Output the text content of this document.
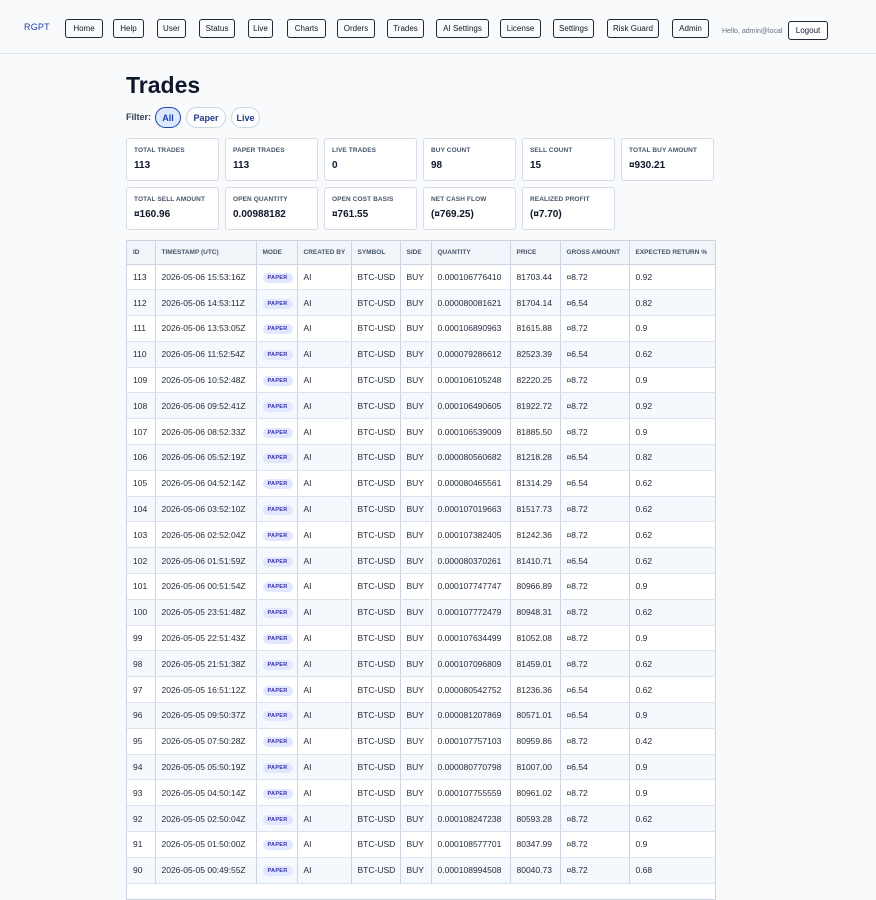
RGPT	Home	Help	User	Status	Live	Charts	Orders	Trades	AI Settings	License	Settings	Risk Guard	Admin	Hello, admin@local	Logout
Trades
Filter:	All	Paper	Live
TOTAL TRADES
113
PAPER TRADES
113
LIVE TRADES
0
BUY COUNT
98
SELL COUNT
15
TOTAL BUY AMOUNT
¤930.21
TOTAL SELL AMOUNT
¤160.96
OPEN QUANTITY
0.00988182
OPEN COST BASIS
¤761.55
NET CASH FLOW
(¤769.25)
REALIZED PROFIT
(¤7.70)
ID	TIMESTAMP (UTC)	MODE	CREATED BY	SYMBOL	SIDE	QUANTITY	PRICE	GROSS AMOUNT	EXPECTED RETURN %
113	2026-05-06 15:53:16Z	PAPER	AI	BTC-USD	BUY	0.000106776410	81703.44	¤8.72	0.92
112	2026-05-06 14:53:11Z	PAPER	AI	BTC-USD	BUY	0.000080081621	81704.14	¤6.54	0.82
111	2026-05-06 13:53:05Z	PAPER	AI	BTC-USD	BUY	0.000106890963	81615.88	¤8.72	0.9
110	2026-05-06 11:52:54Z	PAPER	AI	BTC-USD	BUY	0.000079286612	82523.39	¤6.54	0.62
109	2026-05-06 10:52:48Z	PAPER	AI	BTC-USD	BUY	0.000106105248	82220.25	¤8.72	0.9
108	2026-05-06 09:52:41Z	PAPER	AI	BTC-USD	BUY	0.000106490605	81922.72	¤8.72	0.92
107	2026-05-06 08:52:33Z	PAPER	AI	BTC-USD	BUY	0.000106539009	81885.50	¤8.72	0.9
106	2026-05-06 05:52:19Z	PAPER	AI	BTC-USD	BUY	0.000080560682	81218.28	¤6.54	0.82
105	2026-05-06 04:52:14Z	PAPER	AI	BTC-USD	BUY	0.000080465561	81314.29	¤6.54	0.62
104	2026-05-06 03:52:10Z	PAPER	AI	BTC-USD	BUY	0.000107019663	81517.73	¤8.72	0.62
103	2026-05-06 02:52:04Z	PAPER	AI	BTC-USD	BUY	0.000107382405	81242.36	¤8.72	0.62
102	2026-05-06 01:51:59Z	PAPER	AI	BTC-USD	BUY	0.000080370261	81410.71	¤6.54	0.62
101	2026-05-06 00:51:54Z	PAPER	AI	BTC-USD	BUY	0.000107747747	80966.89	¤8.72	0.9
100	2026-05-05 23:51:48Z	PAPER	AI	BTC-USD	BUY	0.000107772479	80948.31	¤8.72	0.62
99	2026-05-05 22:51:43Z	PAPER	AI	BTC-USD	BUY	0.000107634499	81052.08	¤8.72	0.9
98	2026-05-05 21:51:38Z	PAPER	AI	BTC-USD	BUY	0.000107096809	81459.01	¤8.72	0.62
97	2026-05-05 16:51:12Z	PAPER	AI	BTC-USD	BUY	0.000080542752	81236.36	¤6.54	0.62
96	2026-05-05 09:50:37Z	PAPER	AI	BTC-USD	BUY	0.000081207869	80571.01	¤6.54	0.9
95	2026-05-05 07:50:28Z	PAPER	AI	BTC-USD	BUY	0.000107757103	80959.86	¤8.72	0.42
94	2026-05-05 05:50:19Z	PAPER	AI	BTC-USD	BUY	0.000080770798	81007.00	¤6.54	0.9
93	2026-05-05 04:50:14Z	PAPER	AI	BTC-USD	BUY	0.000107755559	80961.02	¤8.72	0.9
92	2026-05-05 02:50:04Z	PAPER	AI	BTC-USD	BUY	0.000108247238	80593.28	¤8.72	0.62
91	2026-05-05 01:50:00Z	PAPER	AI	BTC-USD	BUY	0.000108577701	80347.99	¤8.72	0.9
90	2026-05-05 00:49:55Z	PAPER	AI	BTC-USD	BUY	0.000108994508	80040.73	¤8.72	0.68
